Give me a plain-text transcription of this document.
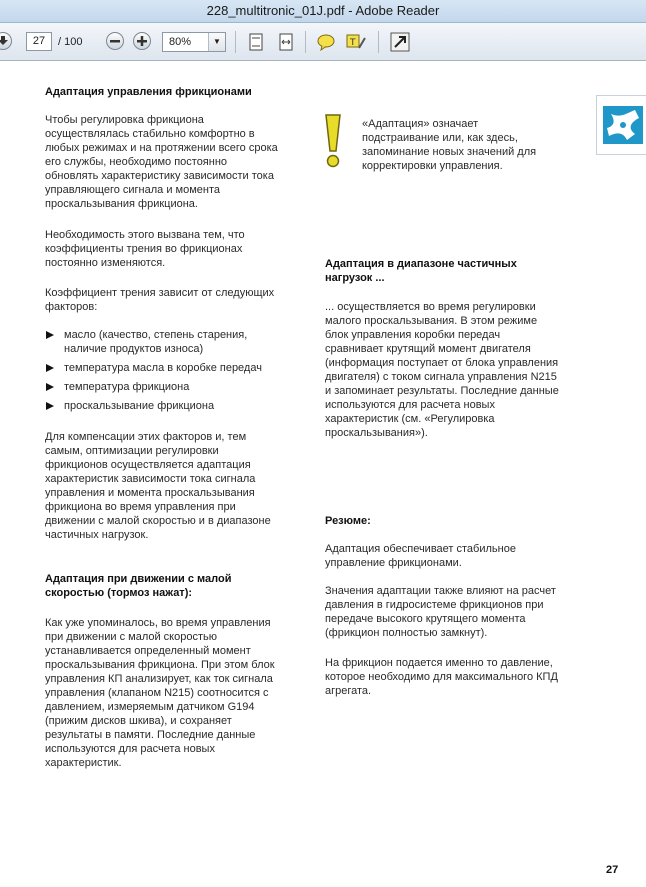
228_multitronic_01J.pdf - Adobe Reader
27	/ 100	80%	▼	T
Адаптация управления фрикционами
Чтобы регулировка фрикциона
осуществлялась стабильно комфортно в
любых режимах и на протяжении всего срока
его службы, необходимо постоянно
обновлять характеристику зависимости тока
управляющего сигнала и момента
проскальзывания фрикциона.
Необходимость этого вызвана тем, что
коэффициенты трения во фрикционах
постоянно изменяются.
Коэффициент трения зависит от следующих
факторов:
масло (качество, степень старения,
наличие продуктов износа)
температура масла в коробке передач
температура фрикциона
проскальзывание фрикциона
Для компенсации этих факторов и, тем
самым, оптимизации регулировки
фрикционов осуществляется адаптация
характеристик зависимости тока сигнала
управления и момента проскальзывания
фрикциона во время управления при
движении с малой скоростью и в диапазоне
частичных нагрузок.
Адаптация при движении с малой
скоростью (тормоз нажат):
Как уже упоминалось, во время управления
при движении с малой скоростью
устанавливается определенный момент
проскальзывания фрикциона. При этом блок
управления КП анализирует, как ток сигнала
управления (клапаном N215) соотносится с
давлением, измеряемым датчиком G194
(прижим дисков шкива), и сохраняет
результаты в памяти. Последние данные
используются для расчета новых
характеристик.
«Адаптация» означает
подстраивание или, как здесь,
запоминание новых значений для
корректировки управления.
Адаптация в диапазоне частичных
нагрузок ...
... осуществляется во время регулировки
малого проскальзывания. В этом режиме
блок управления коробки передач
сравнивает крутящий момент двигателя
(информация поступает от блока управления
двигателя) с током сигнала управления N215
и запоминает результаты. Последние данные
используются для расчета новых
характеристик (см. «Регулировка
проскальзывания»).
Резюме:
Адаптация обеспечивает стабильное
управление фрикционами.
Значения адаптации также влияют на расчет
давления в гидросистеме фрикционов при
передаче высокого крутящего момента
(фрикцион полностью замкнут).
На фрикцион подается именно то давление,
которое необходимо для максимального КПД
агрегата.
27
